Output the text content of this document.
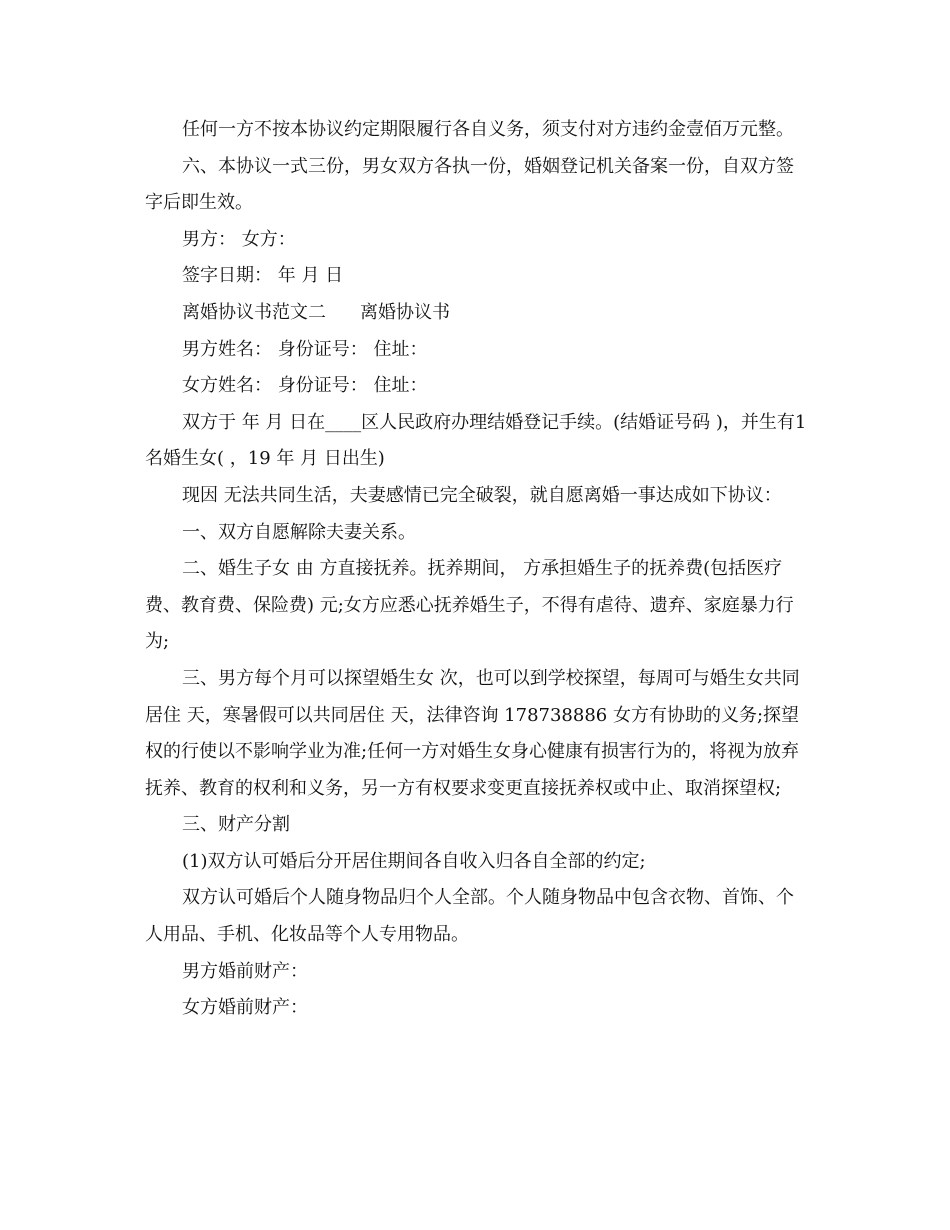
任何一方不按本协议约定期限履行各自义务，须支付对方违约金壹佰万元整。

六、本协议一式三份，男女双方各执一份，婚姻登记机关备案一份，自双方签字后即生效。

男方： 女方：

签字日期： 年 月 日

离婚协议书范文二 离婚协议书

男方姓名： 身份证号： 住址：

女方姓名： 身份证号： 住址：

双方于 年 月 日在____区人民政府办理结婚登记手续。(结婚证号码 )，并生有1名婚生女( ，19 年 月 日出生)

现因 无法共同生活，夫妻感情已完全破裂，就自愿离婚一事达成如下协议：

一、双方自愿解除夫妻关系。

二、婚生子女 由 方直接抚养。抚养期间， 方承担婚生子的抚养费(包括医疗费、教育费、保险费) 元;女方应悉心抚养婚生子，不得有虐待、遗弃、家庭暴力行为;

三、男方每个月可以探望婚生女 次，也可以到学校探望，每周可与婚生女共同居住 天，寒暑假可以共同居住 天，法律咨询 178738886 女方有协助的义务;探望权的行使以不影响学业为准;任何一方对婚生女身心健康有损害行为的，将视为放弃抚养、教育的权利和义务，另一方有权要求变更直接抚养权或中止、取消探望权;

三、财产分割

(1)双方认可婚后分开居住期间各自收入归各自全部的约定;

双方认可婚后个人随身物品归个人全部。个人随身物品中包含衣物、首饰、个人用品、手机、化妆品等个人专用物品。

男方婚前财产：

女方婚前财产：
